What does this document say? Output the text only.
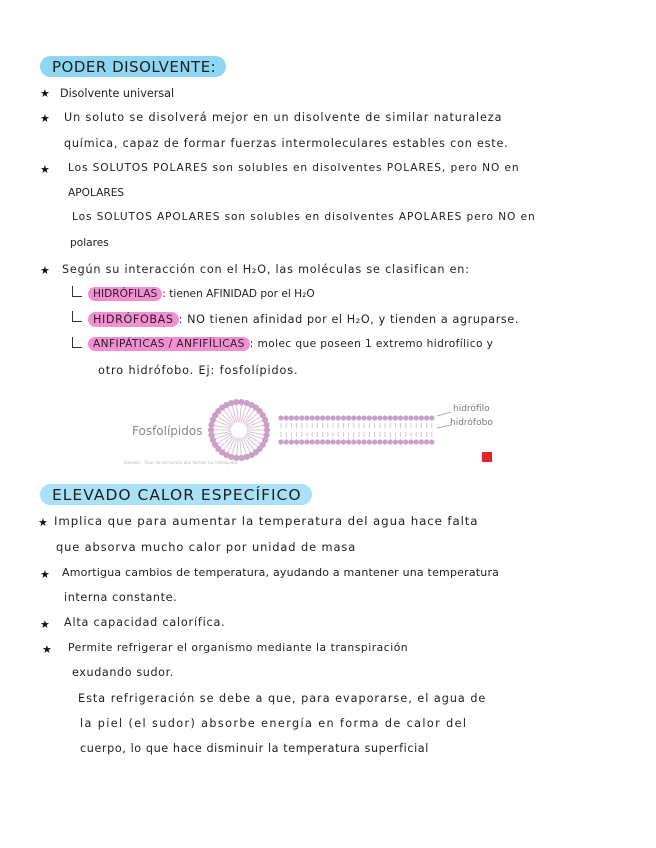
PODER DISOLVENTE:
★ Disolvente universal
★ Un soluto se disolverá mejor en un disolvente de similar naturaleza
química, capaz de formar fuerzas intermoleculares estables con este.
★ Los SOLUTOS POLARES son solubles en disolventes POLARES, pero NO en
APOLARES
Los SOLUTOS APOLARES son solubles en disolventes APOLARES pero NO en
polares
★ Según su interacción con el H₂O, las moléculas se clasifican en:
HIDRÓFILAS : tienen AFINIDAD por el H₂O
HIDRÓFOBAS : NO tienen afinidad por el H₂O, y tienden a agruparse.
ANFIPÁTICAS / ANFIFÍLICAS : molec que poseen 1 extremo hidrofílico y
otro hidrófobo. Ej: fosfolípidos.
Fosfolípidos
hidrófilo
hidrófobo
Elevado · Tipos de estructura que forman los fosfolípidos
ELEVADO CALOR ESPECÍFICO
★ Implica que para aumentar la temperatura del agua hace falta
que absorva mucho calor por unidad de masa
★ Amortigua cambios de temperatura, ayudando a mantener una temperatura
interna constante.
★ Alta capacidad calorífica.
★ Permite refrigerar el organismo mediante la transpiración
exudando sudor.
Esta refrigeración se debe a que, para evaporarse, el agua de
la piel (el sudor) absorbe energía en forma de calor del
cuerpo, lo que hace disminuir la temperatura superficial
